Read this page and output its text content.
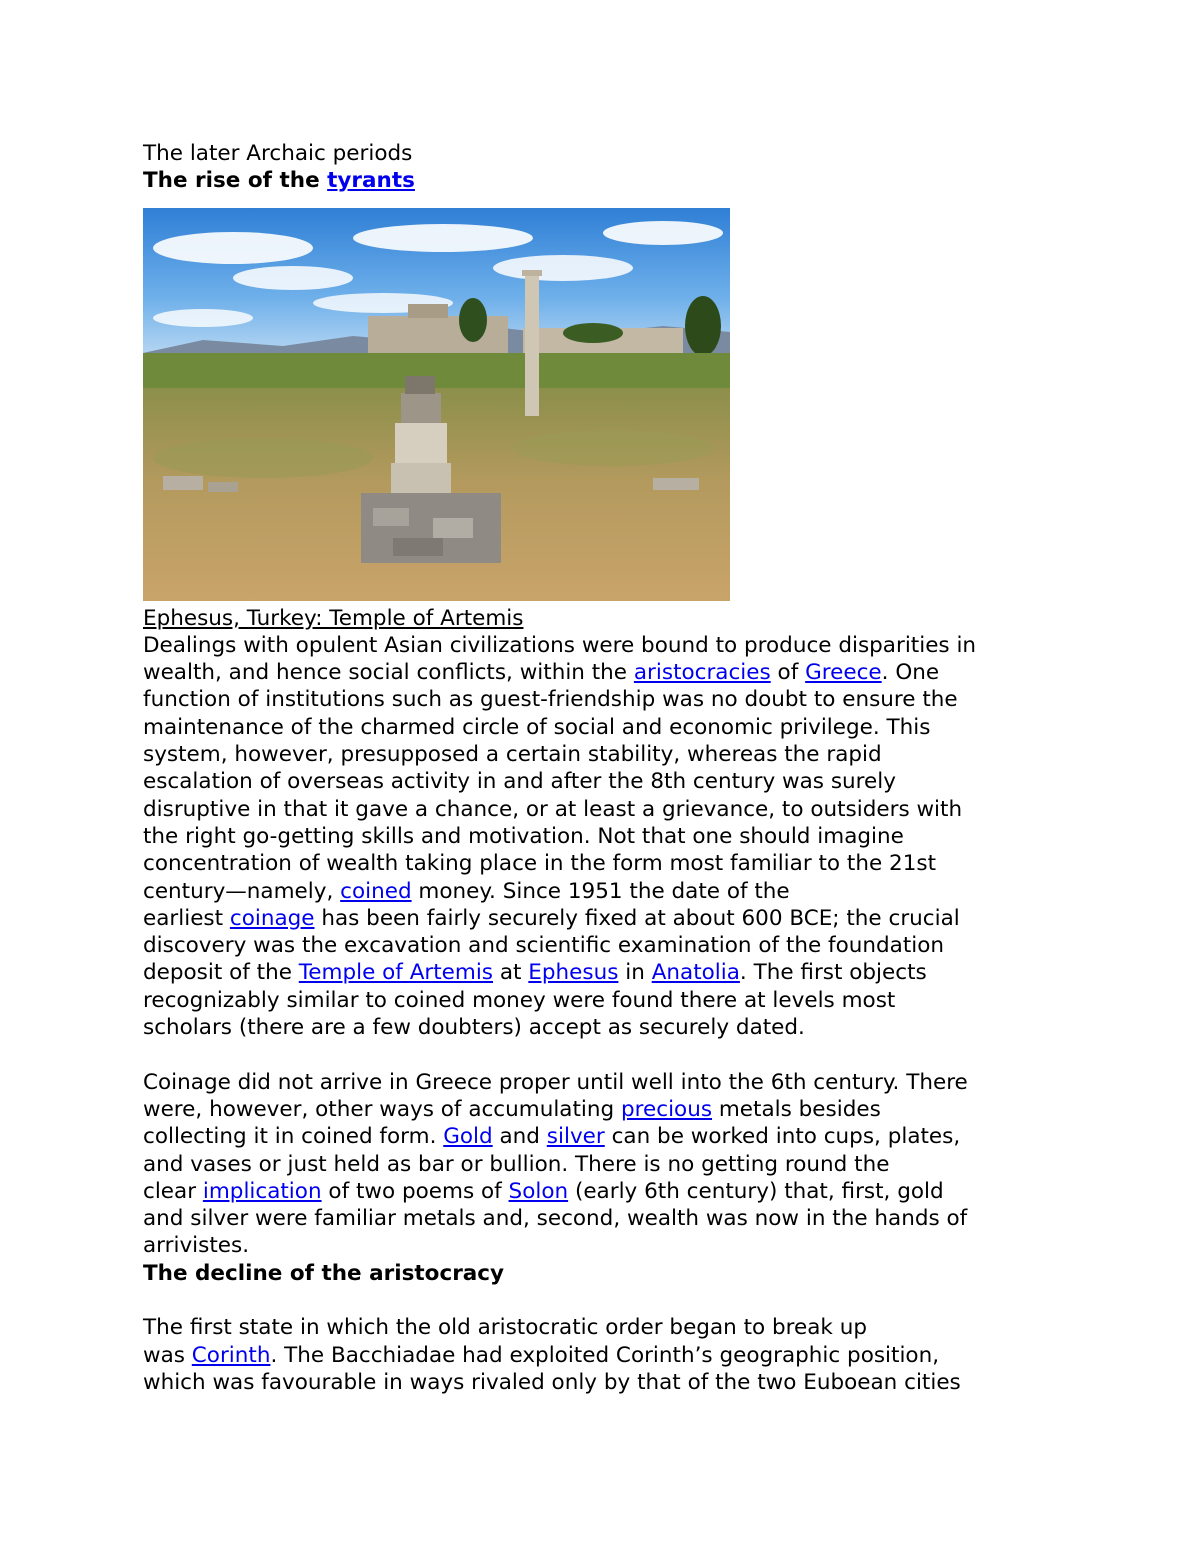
The later Archaic periods
The rise of the tyrants
Ephesus, Turkey: Temple of Artemis
Dealings with opulent Asian civilizations were bound to produce disparities in
wealth, and hence social conflicts, within the aristocracies of Greece. One
function of institutions such as guest-friendship was no doubt to ensure the
maintenance of the charmed circle of social and economic privilege. This
system, however, presupposed a certain stability, whereas the rapid
escalation of overseas activity in and after the 8th century was surely
disruptive in that it gave a chance, or at least a grievance, to outsiders with
the right go-getting skills and motivation. Not that one should imagine
concentration of wealth taking place in the form most familiar to the 21st
century—namely, coined money. Since 1951 the date of the
earliest coinage has been fairly securely fixed at about 600 BCE; the crucial
discovery was the excavation and scientific examination of the foundation
deposit of the Temple of Artemis at Ephesus in Anatolia. The first objects
recognizably similar to coined money were found there at levels most
scholars (there are a few doubters) accept as securely dated.
Coinage did not arrive in Greece proper until well into the 6th century. There
were, however, other ways of accumulating precious metals besides
collecting it in coined form. Gold and silver can be worked into cups, plates,
and vases or just held as bar or bullion. There is no getting round the
clear implication of two poems of Solon (early 6th century) that, first, gold
and silver were familiar metals and, second, wealth was now in the hands of
arrivistes.
The decline of the aristocracy
The first state in which the old aristocratic order began to break up
was Corinth. The Bacchiadae had exploited Corinth’s geographic position,
which was favourable in ways rivaled only by that of the two Euboean cities
